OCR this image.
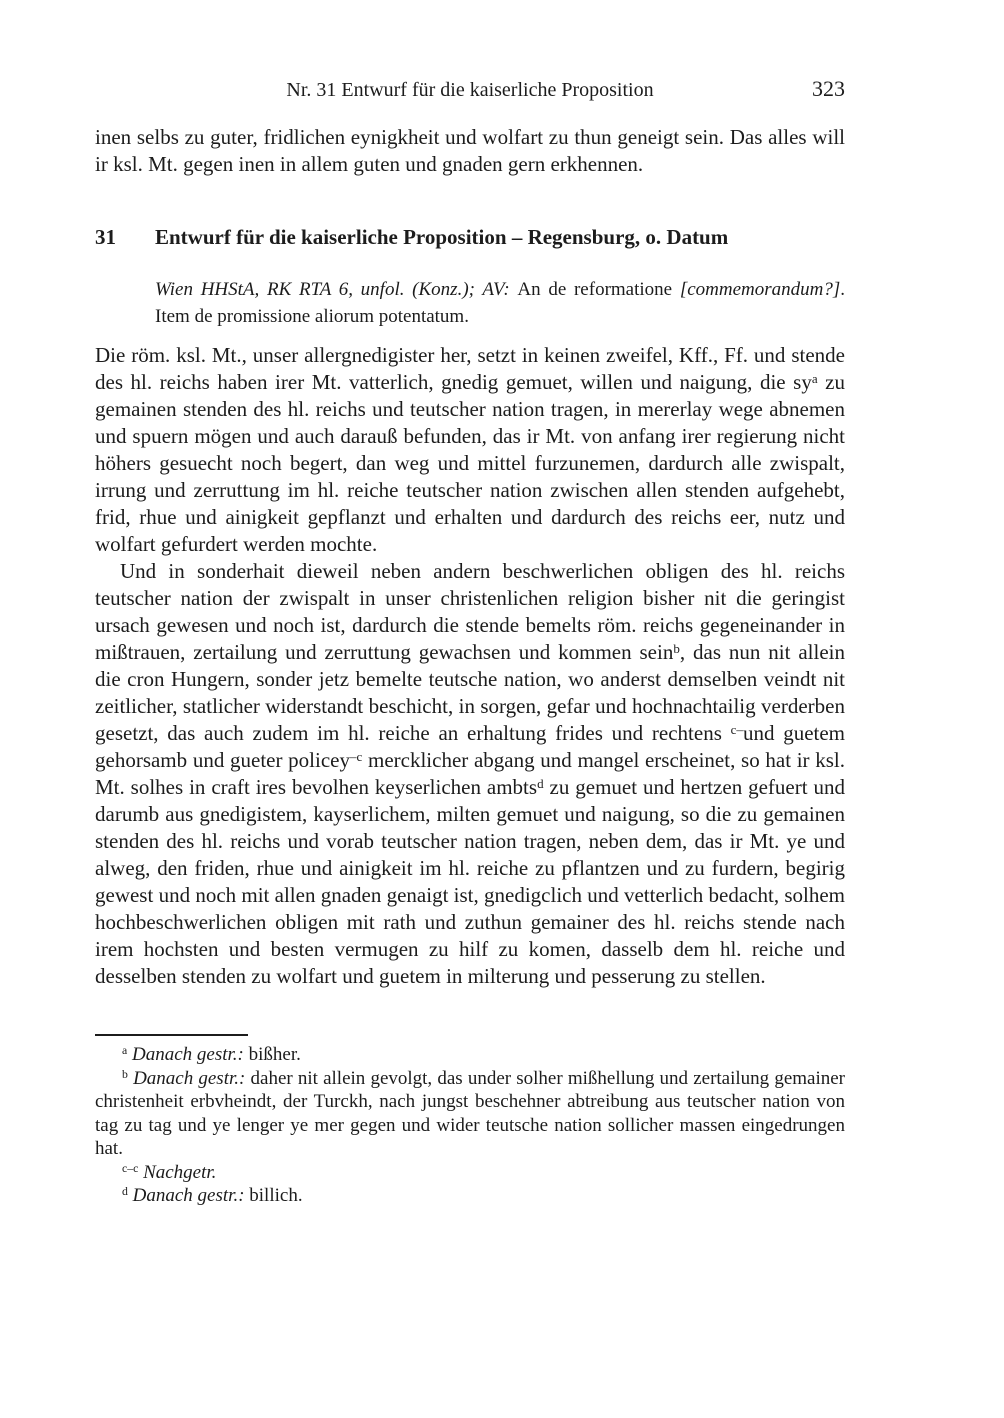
Nr. 31 Entwurf für die kaiserliche Proposition	323

inen selbs zu guter, fridlichen eynigkheit und wolfart zu thun geneigt sein. Das alles will ir ksl. Mt. gegen inen in allem guten und gnaden gern erkhennen.

31	Entwurf für die kaiserliche Proposition – Regensburg, o. Datum

Wien HHStA, RK RTA 6, unfol. (Konz.); AV: An de reformatione [commemorandum?]. Item de promissione aliorum potentatum.

Die röm. ksl. Mt., unser allergnedigister her, setzt in keinen zweifel, Kff., Ff. und stende des hl. reichs haben irer Mt. vatterlich, gnedig gemuet, willen und naigung, die $sy^a$ zu gemainen stenden des hl. reichs und teutscher nation tragen, in mererlay wege abnemen und spuern mögen und auch darauß befunden, das ir Mt. von anfang irer regierung nicht höhers gesuecht noch begert, dan weg und mittel furzunemen, dardurch alle zwispalt, irrung und zerruttung im hl. reiche teutscher nation zwischen allen stenden aufgehebt, frid, rhue und ainigkeit gepflanzt und erhalten und dardurch des reichs eer, nutz und wolfart gefurdert werden mochte.

Und in sonderhait dieweil neben andern beschwerlichen obligen des hl. reichs teutscher nation der zwispalt in unser christenlichen religion bisher nit die geringist ursach gewesen und noch ist, dardurch die stende bemelts röm. reichs gegeneinander in mißtrauen, zertailung und zerruttung gewachsen und kommen sein$^b$, das nun nit allein die cron Hungern, sonder jetz bemelte teutsche nation, wo anderst demselben veindt nit zeitlicher, statlicher widerstandt beschicht, in sorgen, gefar und hochnachtailig verderben gesetzt, das auch zudem im hl. reiche an erhaltung frides und rechtens $^{c-}$und guetem gehorsamb und gueter policey$^{-c}$ mercklicher abgang und mangel erscheinet, so hat ir ksl. Mt. solhes in craft ires bevolhen keyserlichen ambts$^d$ zu gemuet und hertzen gefuert und darumb aus gnedigistem, kayserlichem, milten gemuet und naigung, so die zu gemainen stenden des hl. reichs und vorab teutscher nation tragen, neben dem, das ir Mt. ye und alweg, den friden, rhue und ainigkeit im hl. reiche zu pflantzen und zu furdern, begirig gewest und noch mit allen gnaden genaigt ist, gnedigclich und vetterlich bedacht, solhem hochbeschwerlichen obligen mit rath und zuthun gemainer des hl. reichs stende nach irem hochsten und besten vermugen zu hilf zu komen, dasselb dem hl. reiche und desselben stenden zu wolfart und guetem in milterung und pesserung zu stellen.

$^a$ Danach gestr.: bißher.

$^b$ Danach gestr.: daher nit allein gevolgt, das under solher mißhellung und zertailung gemainer christenheit erbvheindt, der Turckh, nach jungst beschehner abtreibung aus teutscher nation von tag zu tag und ye lenger ye mer gegen und wider teutsche nation sollicher massen eingedrungen hat.

$^{c-c}$ Nachgetr.

$^d$ Danach gestr.: billich.
